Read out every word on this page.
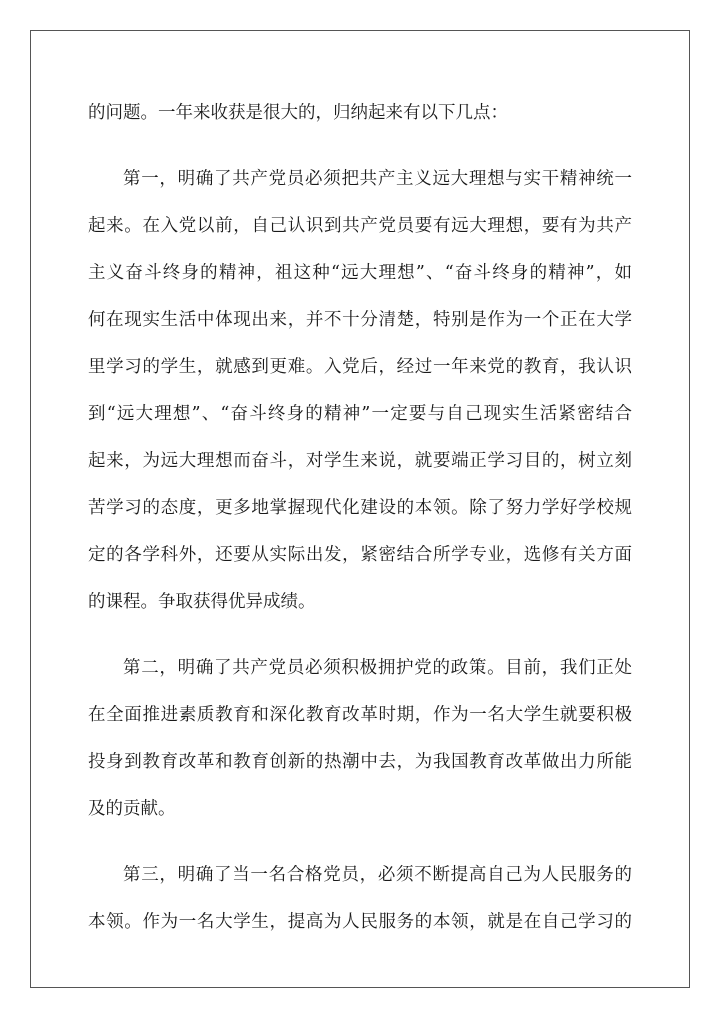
的问题。一年来收获是很大的，归纳起来有以下几点：
第一，明确了共产党员必须把共产主义远大理想与实干精神统一
起来。在入党以前，自己认识到共产党员要有远大理想，要有为共产
主义奋斗终身的精神，祖这种“远大理想”、“奋斗终身的精神”，如
何在现实生活中体现出来，并不十分清楚，特别是作为一个正在大学
里学习的学生，就感到更难。入党后，经过一年来党的教育，我认识
到“远大理想”、“奋斗终身的精神”一定要与自己现实生活紧密结合
起来，为远大理想而奋斗，对学生来说，就要端正学习目的，树立刻
苦学习的态度，更多地掌握现代化建设的本领。除了努力学好学校规
定的各学科外，还要从实际出发，紧密结合所学专业，选修有关方面
的课程。争取获得优异成绩。
第二，明确了共产党员必须积极拥护党的政策。目前，我们正处
在全面推进素质教育和深化教育改革时期，作为一名大学生就要积极
投身到教育改革和教育创新的热潮中去，为我国教育改革做出力所能
及的贡献。
第三，明确了当一名合格党员，必须不断提高自己为人民服务的
本领。作为一名大学生，提高为人民服务的本领，就是在自己学习的
